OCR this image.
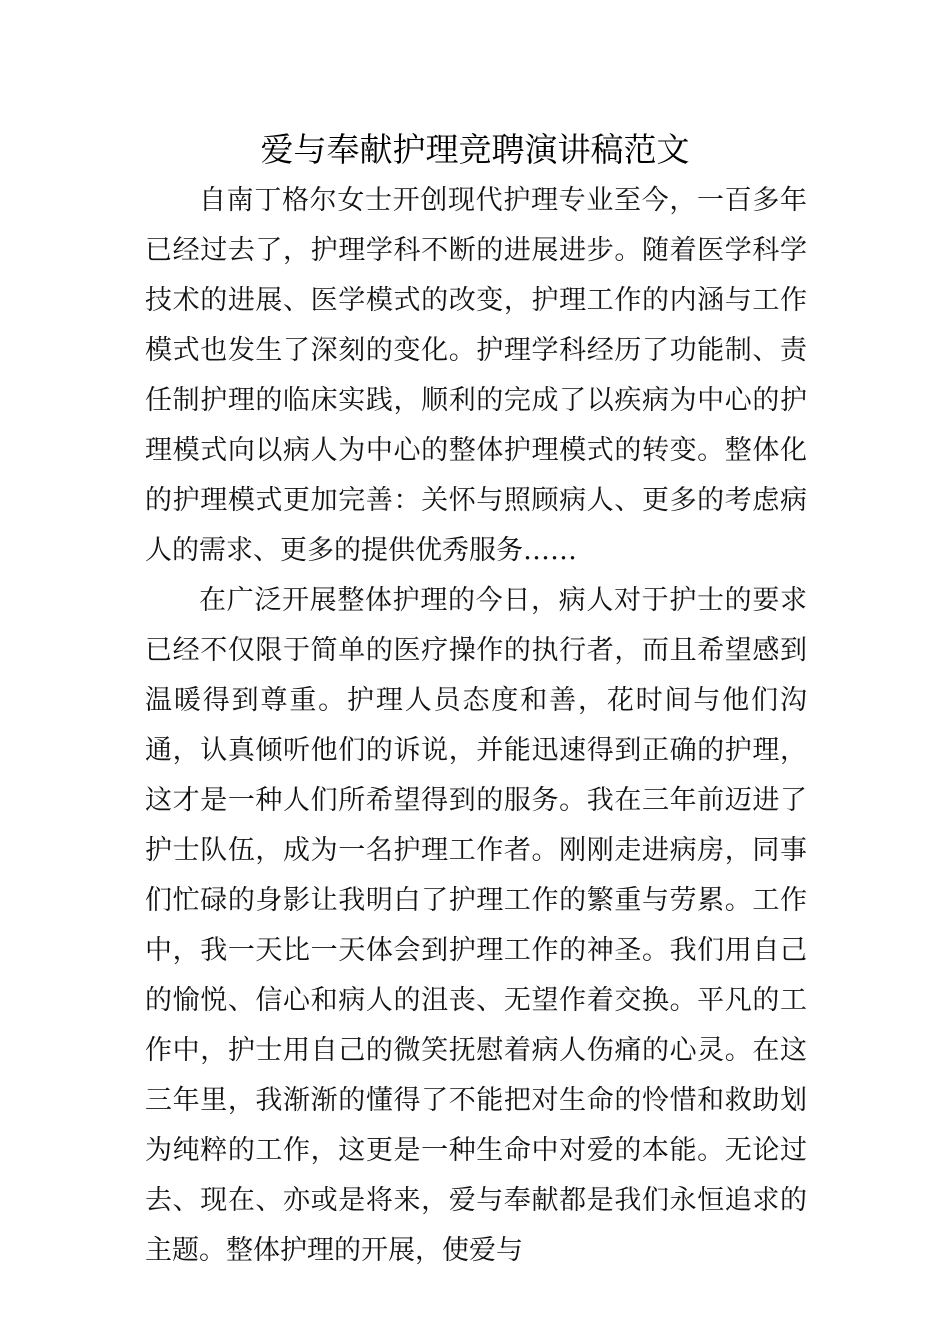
爱与奉献护理竞聘演讲稿范文

自南丁格尔女士开创现代护理专业至今，一百多年已经过去了，护理学科不断的进展进步。随着医学科学技术的进展、医学模式的改变，护理工作的内涵与工作模式也发生了深刻的变化。护理学科经历了功能制、责任制护理的临床实践，顺利的完成了以疾病为中心的护理模式向以病人为中心的整体护理模式的转变。整体化的护理模式更加完善：关怀与照顾病人、更多的考虑病人的需求、更多的提供优秀服务……

在广泛开展整体护理的今日，病人对于护士的要求已经不仅限于简单的医疗操作的执行者，而且希望感到温暖得到尊重。护理人员态度和善，花时间与他们沟通，认真倾听他们的诉说，并能迅速得到正确的护理，这才是一种人们所希望得到的服务。我在三年前迈进了护士队伍，成为一名护理工作者。刚刚走进病房，同事们忙碌的身影让我明白了护理工作的繁重与劳累。工作中，我一天比一天体会到护理工作的神圣。我们用自己的愉悦、信心和病人的沮丧、无望作着交换。平凡的工作中，护士用自己的微笑抚慰着病人伤痛的心灵。在这三年里，我渐渐的懂得了不能把对生命的怜惜和救助划为纯粹的工作，这更是一种生命中对爱的本能。无论过去、现在、亦或是将来，爱与奉献都是我们永恒追求的主题。整体护理的开展，使爱与
